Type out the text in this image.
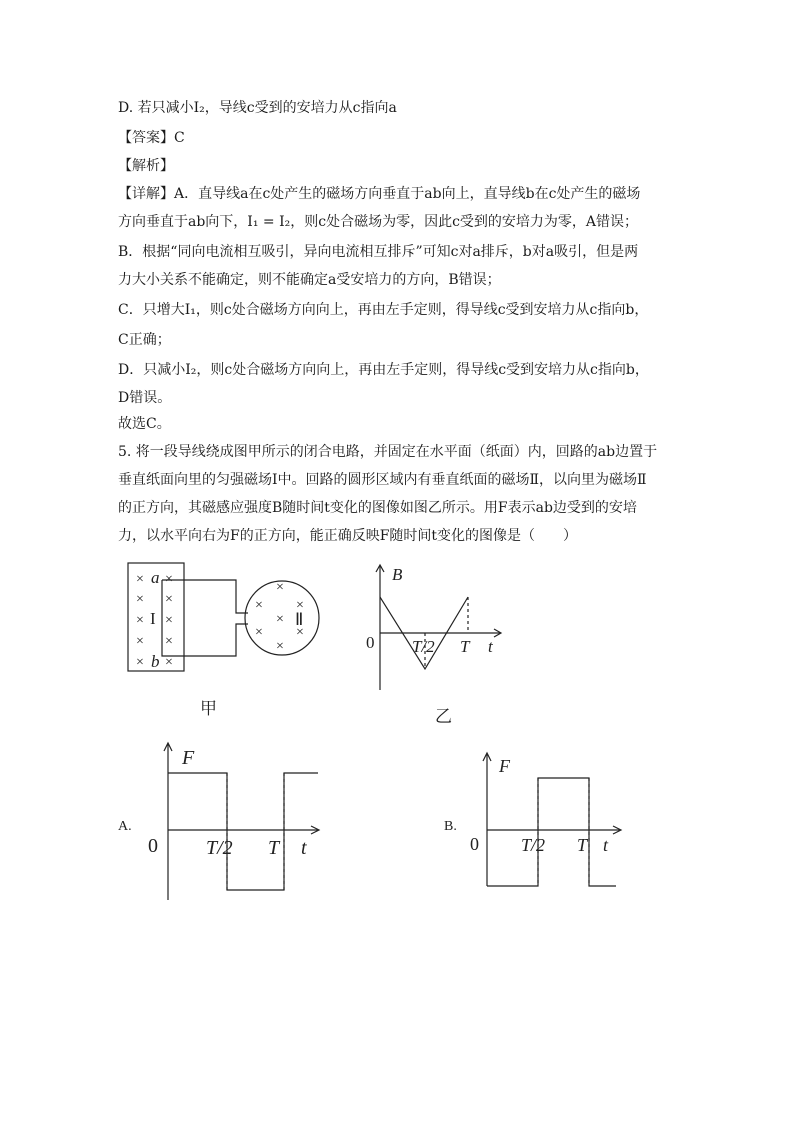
D. 若只减小I₂，导线c受到的安培力从c指向a
【答案】C
【解析】
【详解】A．直导线a在c处产生的磁场方向垂直于ab向上，直导线b在c处产生的磁场
方向垂直于ab向下，I₁ = I₂，则c处合磁场为零，因此c受到的安培力为零，A错误；
B．根据“同向电流相互吸引，异向电流相互排斥”可知c对a排斥，b对a吸引，但是两
力大小关系不能确定，则不能确定a受安培力的方向，B错误；
C．只增大I₁，则c处合磁场方向向上，再由左手定则，得导线c受到安培力从c指向b，
C正确；
D．只减小I₂，则c处合磁场方向向上，再由左手定则，得导线c受到安培力从c指向b，
D错误。
故选C。
5. 将一段导线绕成图甲所示的闭合电路，并固定在水平面（纸面）内，回路的ab边置于
垂直纸面向里的匀强磁场Ⅰ中。回路的圆形区域内有垂直纸面的磁场Ⅱ，以向里为磁场Ⅱ
的正方向，其磁感应强度B随时间t变化的图像如图乙所示。用F表示ab边受到的安培
力，以水平向右为F的正方向，能正确反映F随时间t变化的图像是（　　）
× ×
× ×
× ×
× ×
× ×
×
× ×
×
× ×
×
a
b
I	Ⅱ
甲
B
0 T/2 T t
乙
F
0 T/2 T t
A.
F
0 T/2 T t
B.
